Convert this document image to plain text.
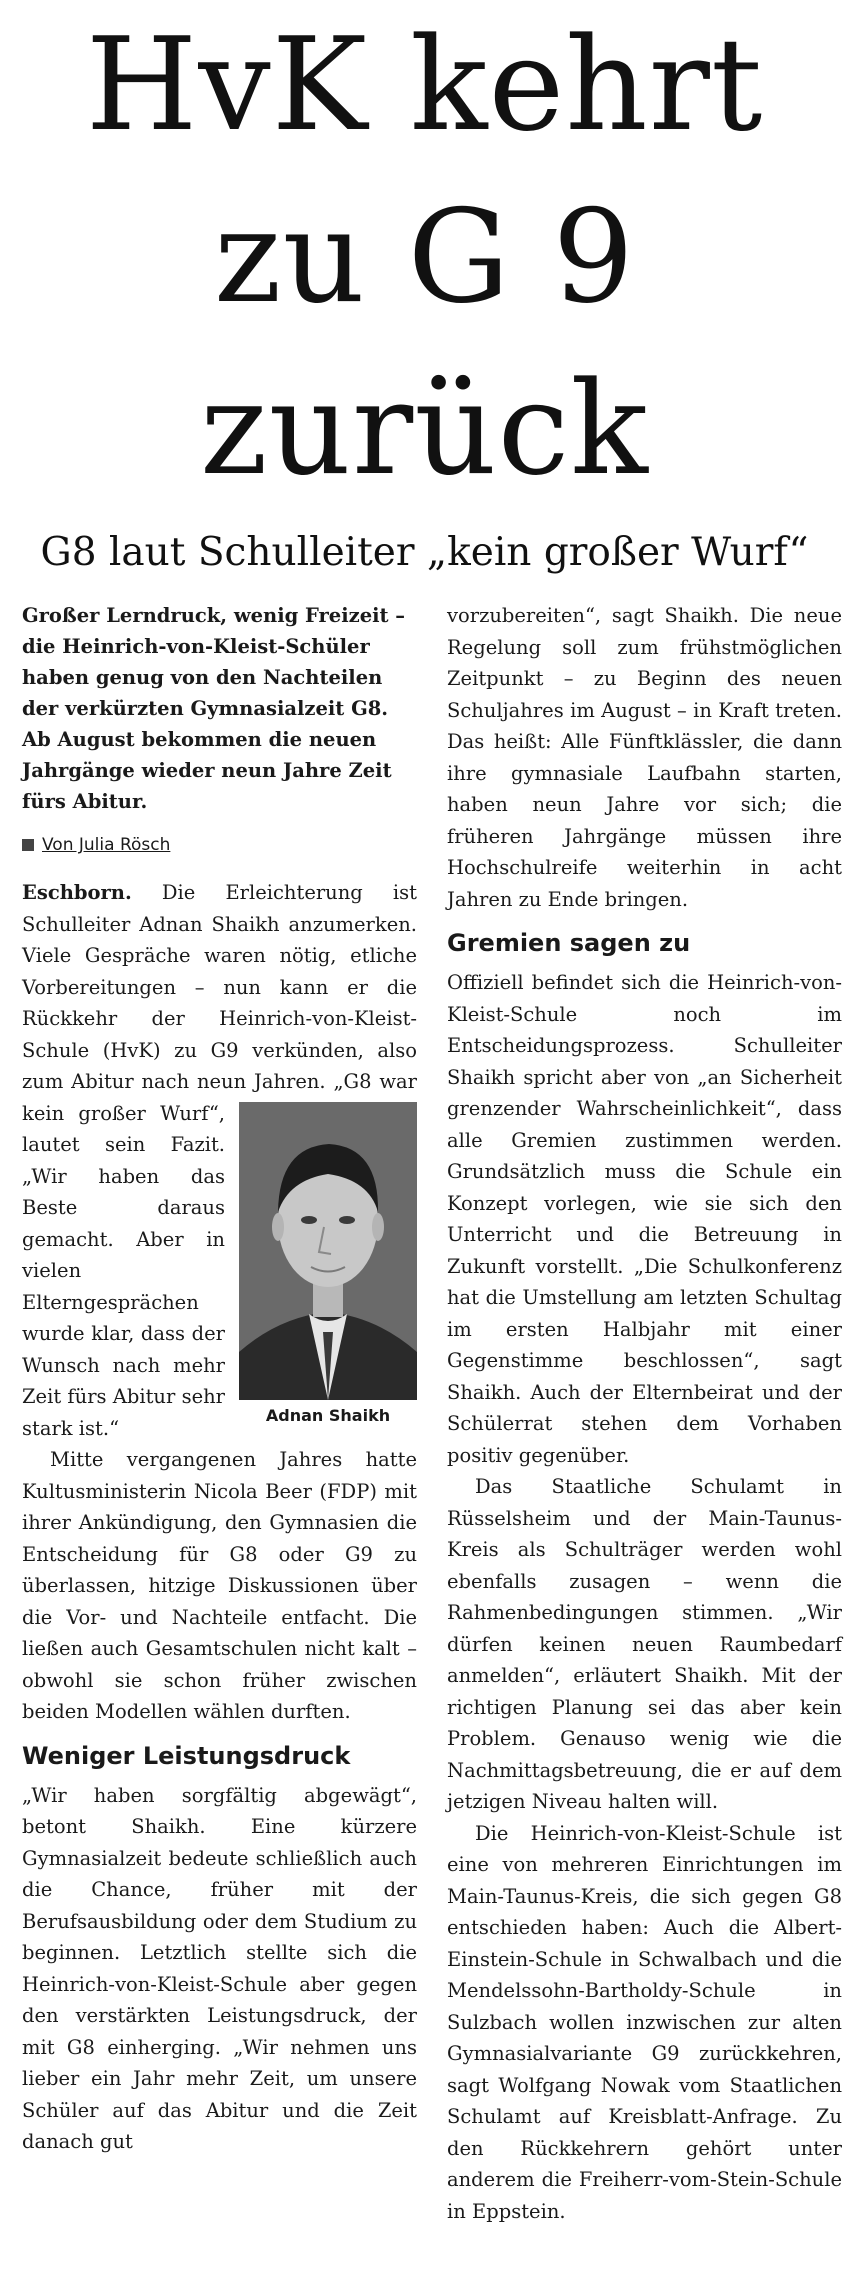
HvK kehrt
zu G 9
zurück
G8 laut Schulleiter „kein großer Wurf“

Großer Lerndruck, wenig Freizeit – die Heinrich-von-Kleist-Schüler haben genug von den Nachteilen der verkürzten Gymnasialzeit G8. Ab August bekommen die neuen Jahrgänge wieder neun Jahre Zeit fürs Abitur.

Von Julia Rösch

Eschborn. Die Erleichterung ist Schulleiter Adnan Shaikh anzumerken. Viele Gespräche waren nötig, etliche Vorbereitungen – nun kann er die Rückkehr der Heinrich-von-Kleist-Schule (HvK) zu G9 verkünden, also zum Abitur nach neun Jahren.
Adnan Shaikh
„G8 war kein großer Wurf“, lautet sein Fazit. „Wir haben das Beste daraus gemacht. Aber in vielen Elterngesprächen wurde klar, dass der Wunsch nach mehr Zeit fürs Abitur sehr stark ist.“

Mitte vergangenen Jahres hatte Kultusministerin Nicola Beer (FDP) mit ihrer Ankündigung, den Gymnasien die Entscheidung für G8 oder G9 zu überlassen, hitzige Diskussionen über die Vor- und Nachteile entfacht. Die ließen auch Gesamtschulen nicht kalt – obwohl sie schon früher zwischen beiden Modellen wählen durften.

Weniger Leistungsdruck

„Wir haben sorgfältig abgewägt“, betont Shaikh. Eine kürzere Gymnasialzeit bedeute schließlich auch die Chance, früher mit der Berufsausbildung oder dem Studium zu beginnen. Letztlich stellte sich die Heinrich-von-Kleist-Schule aber gegen den verstärkten Leistungsdruck, der mit G8 einherging. „Wir nehmen uns lieber ein Jahr mehr Zeit, um unsere Schüler auf das Abitur und die Zeit danach gut

vorzubereiten“, sagt Shaikh. Die neue Regelung soll zum frühstmöglichen Zeitpunkt – zu Beginn des neuen Schuljahres im August – in Kraft treten. Das heißt: Alle Fünftklässler, die dann ihre gymnasiale Laufbahn starten, haben neun Jahre vor sich; die früheren Jahrgänge müssen ihre Hochschulreife weiterhin in acht Jahren zu Ende bringen.

Gremien sagen zu

Offiziell befindet sich die Heinrich-von-Kleist-Schule noch im Entscheidungsprozess. Schulleiter Shaikh spricht aber von „an Sicherheit grenzender Wahrscheinlichkeit“, dass alle Gremien zustimmen werden. Grundsätzlich muss die Schule ein Konzept vorlegen, wie sie sich den Unterricht und die Betreuung in Zukunft vorstellt. „Die Schulkonferenz hat die Umstellung am letzten Schultag im ersten Halbjahr mit einer Gegenstimme beschlossen“, sagt Shaikh. Auch der Elternbeirat und der Schülerrat stehen dem Vorhaben positiv gegenüber.

Das Staatliche Schulamt in Rüsselsheim und der Main-Taunus-Kreis als Schulträger werden wohl ebenfalls zusagen – wenn die Rahmenbedingungen stimmen. „Wir dürfen keinen neuen Raumbedarf anmelden“, erläutert Shaikh. Mit der richtigen Planung sei das aber kein Problem. Genauso wenig wie die Nachmittagsbetreuung, die er auf dem jetzigen Niveau halten will.

Die Heinrich-von-Kleist-Schule ist eine von mehreren Einrichtungen im Main-Taunus-Kreis, die sich gegen G8 entschieden haben: Auch die Albert-Einstein-Schule in Schwalbach und die Mendelssohn-Bartholdy-Schule in Sulzbach wollen inzwischen zur alten Gymnasialvariante G9 zurückkehren, sagt Wolfgang Nowak vom Staatlichen Schulamt auf Kreisblatt-Anfrage. Zu den Rückkehrern gehört unter anderem die Freiherr-vom-Stein-Schule in Eppstein.
